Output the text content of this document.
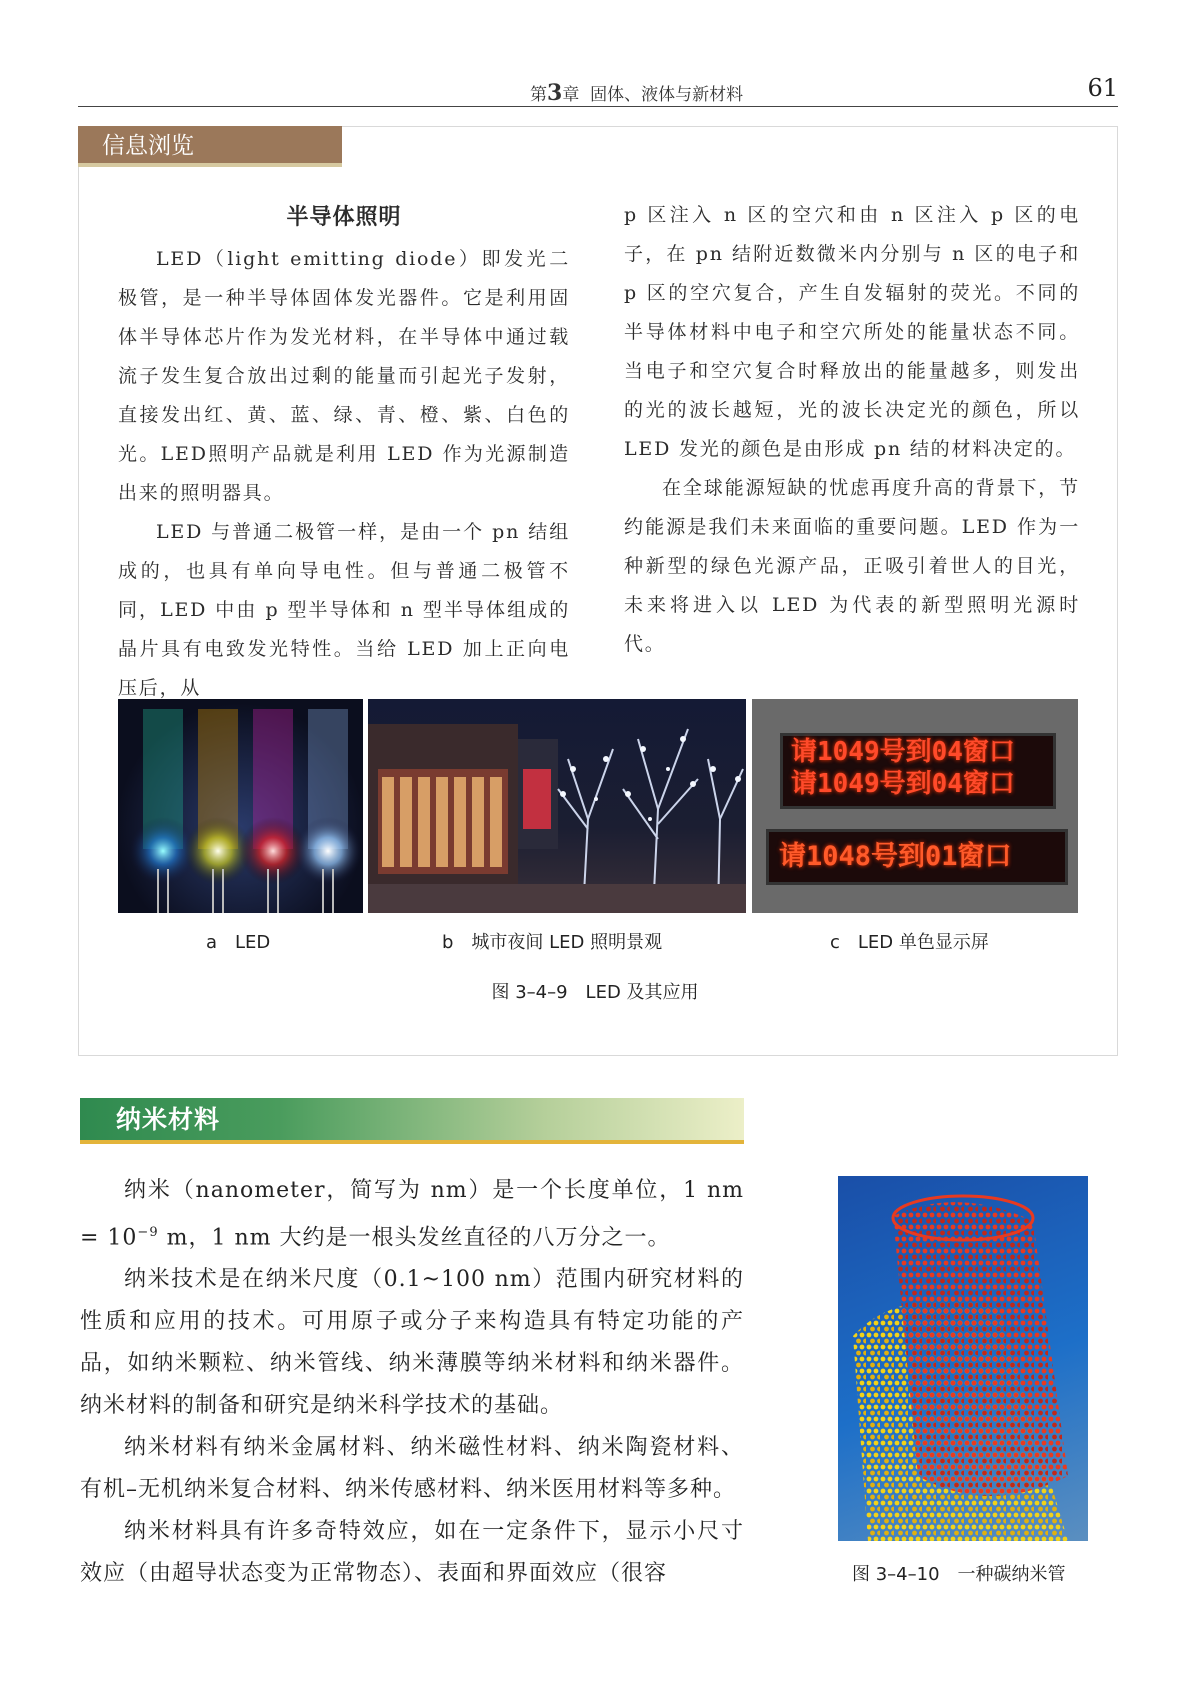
第3章 固体、液体与新材料	61
信息浏览

半导体照明

LED（light emitting diode）即发光二极管，是一种半导体固体发光器件。它是利用固体半导体芯片作为发光材料，在半导体中通过载流子发生复合放出过剩的能量而引起光子发射，直接发出红、黄、蓝、绿、青、橙、紫、白色的光。LED照明产品就是利用 LED 作为光源制造出来的照明器具。

LED 与普通二极管一样，是由一个 pn 结组成的，也具有单向导电性。但与普通二极管不同，LED 中由 p 型半导体和 n 型半导体组成的晶片具有电致发光特性。当给 LED 加上正向电压后，从

p 区注入 n 区的空穴和由 n 区注入 p 区的电子，在 pn 结附近数微米内分别与 n 区的电子和 p 区的空穴复合，产生自发辐射的荧光。不同的半导体材料中电子和空穴所处的能量状态不同。当电子和空穴复合时释放出的能量越多，则发出的光的波长越短，光的波长决定光的颜色，所以 LED 发光的颜色是由形成 pn 结的材料决定的。

在全球能源短缺的忧虑再度升高的背景下，节约能源是我们未来面临的重要问题。LED 作为一种新型的绿色光源产品，正吸引着世人的目光，未来将进入以 LED 为代表的新型照明光源时代。

请1049号到04窗口
请1049号到04窗口
请1048号到01窗口
a　LED	b　城市夜间 LED 照明景观	c　LED 单色显示屏
图 3–4–9　LED 及其应用
纳米材料

纳米（nanometer，简写为 nm）是一个长度单位，1 nm = $10^{-9}$ m，1 nm 大约是一根头发丝直径的八万分之一。

纳米技术是在纳米尺度（0.1~100 nm）范围内研究材料的性质和应用的技术。可用原子或分子来构造具有特定功能的产品，如纳米颗粒、纳米管线、纳米薄膜等纳米材料和纳米器件。纳米材料的制备和研究是纳米科学技术的基础。

纳米材料有纳米金属材料、纳米磁性材料、纳米陶瓷材料、有机–无机纳米复合材料、纳米传感材料、纳米医用材料等多种。

纳米材料具有许多奇特效应，如在一定条件下，显示小尺寸效应（由超导状态变为正常物态）、表面和界面效应（很容	图 3–4–10　一种碳纳米管
